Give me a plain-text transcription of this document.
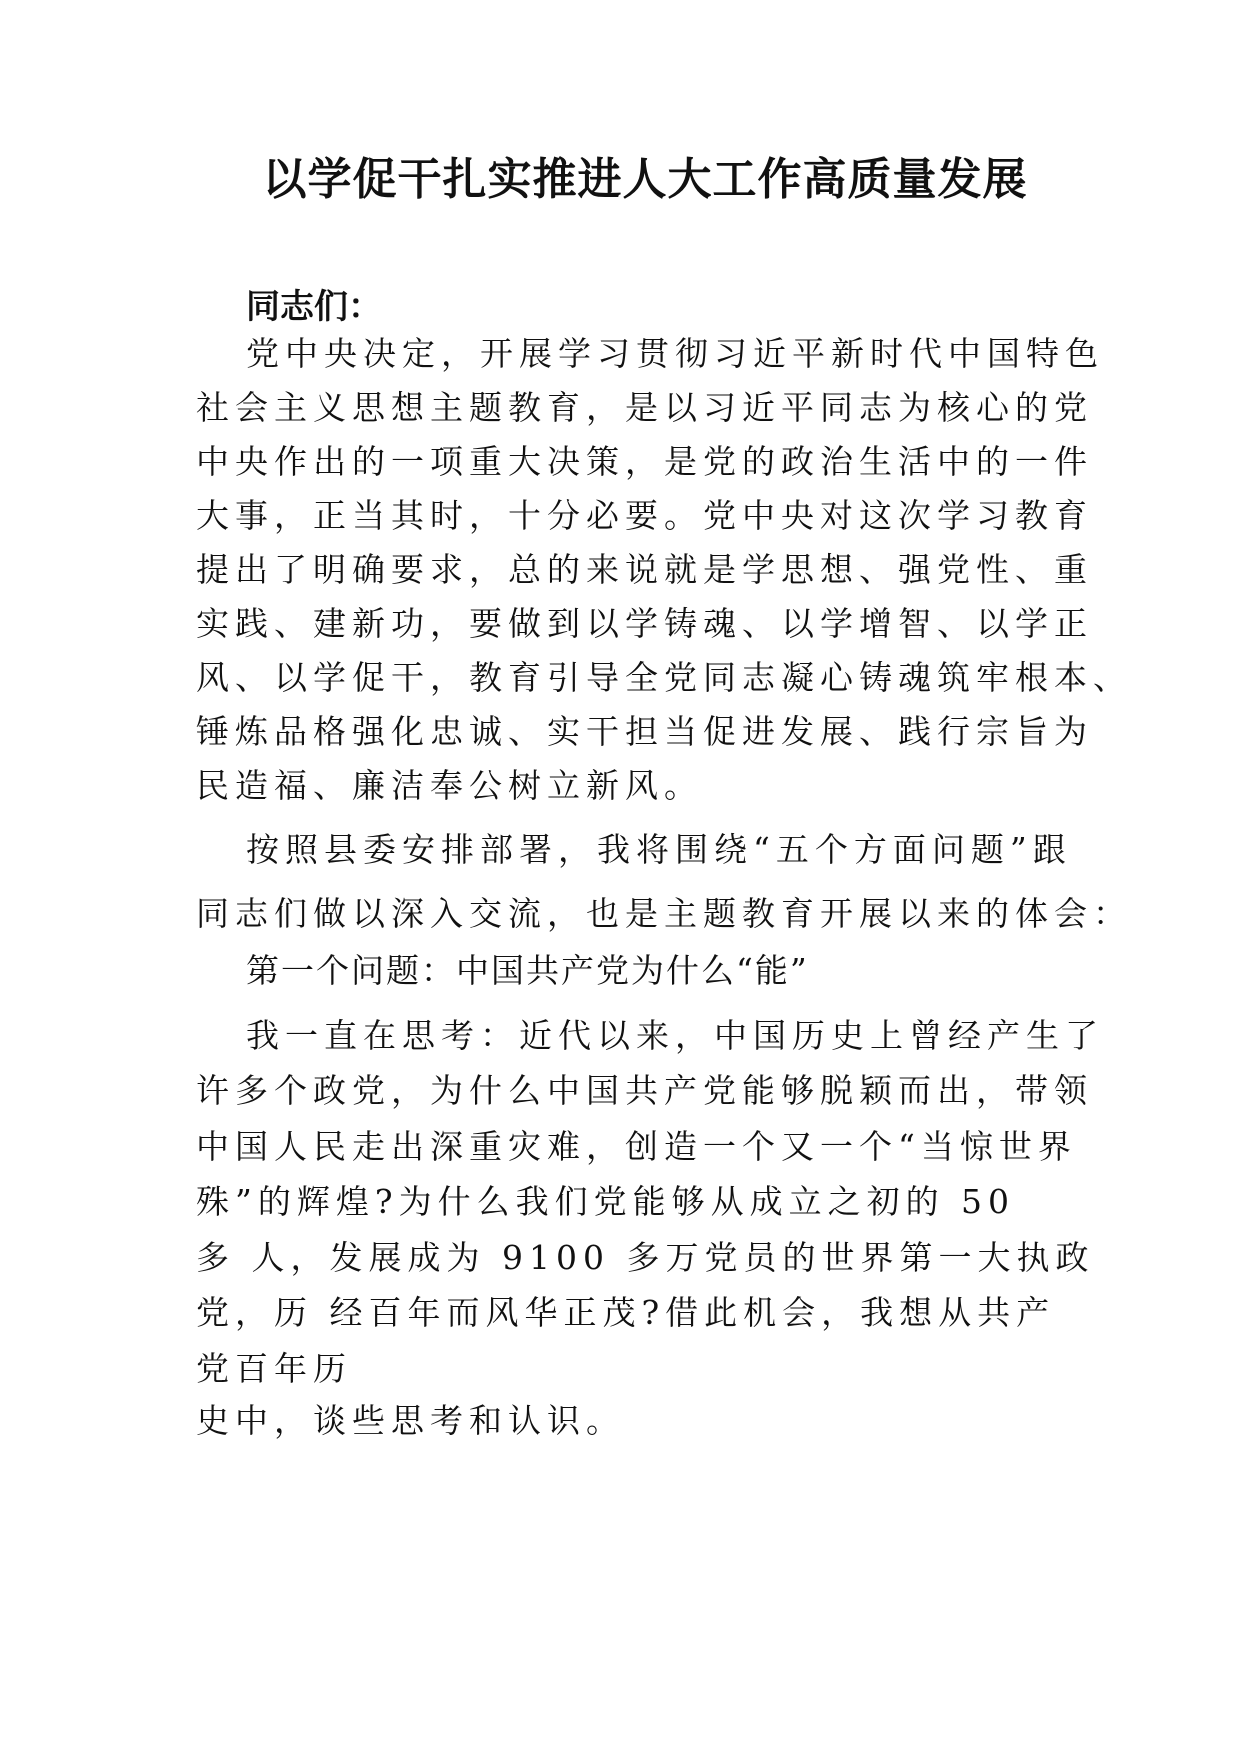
以学促干扎实推进人大工作高质量发展
同志们：
党中央决定，开展学习贯彻习近平新时代中国特色
社会主义思想主题教育，是以习近平同志为核心的党
中央作出的一项重大决策，是党的政治生活中的一件
大事，正当其时，十分必要。党中央对这次学习教育
提出了明确要求，总的来说就是学思想、强党性、重
实践、建新功，要做到以学铸魂、以学增智、以学正
风、以学促干，教育引导全党同志凝心铸魂筑牢根本、
锤炼品格强化忠诚、实干担当促进发展、践行宗旨为
民造福、廉洁奉公树立新风。
按照县委安排部署，我将围绕“五个方面问题”跟
同志们做以深入交流，也是主题教育开展以来的体会：
第一个问题：中国共产党为什么“能”
我一直在思考：近代以来，中国历史上曾经产生了
许多个政党，为什么中国共产党能够脱颖而出，带领
中国人民走出深重灾难，创造一个又一个“当惊世界
殊”的辉煌?为什么我们党能够从成立之初的 50
多 人，发展成为 9100 多万党员的世界第一大执政
党，历 经百年而风华正茂?借此机会，我想从共产
党百年历
史中，谈些思考和认识。
